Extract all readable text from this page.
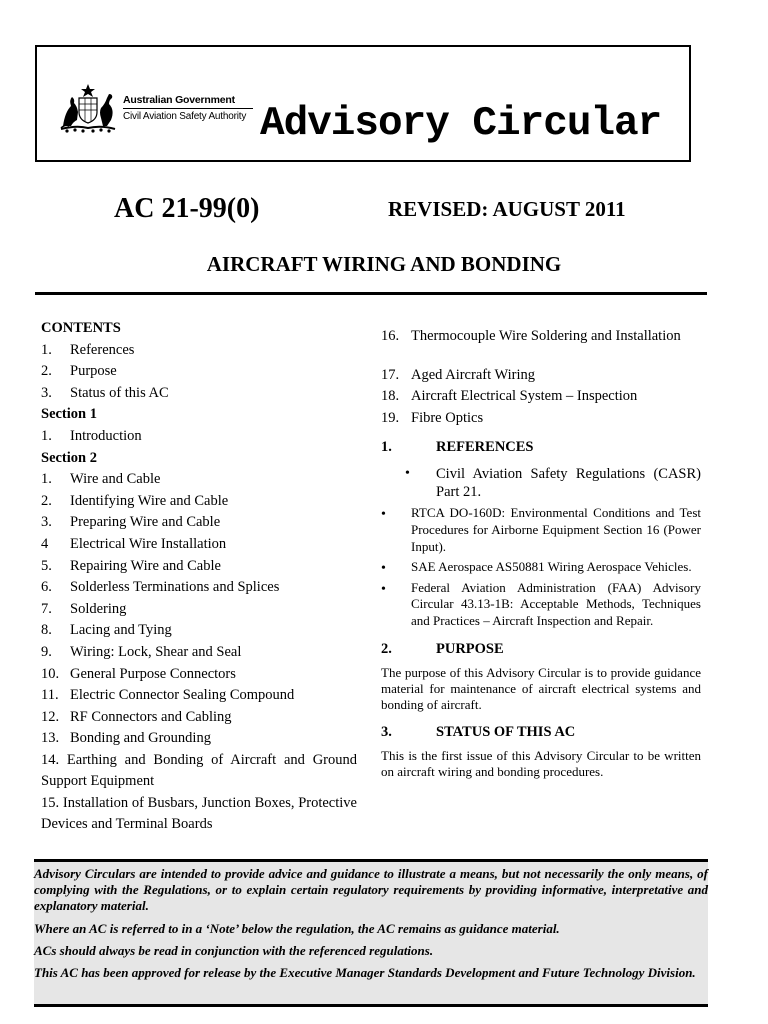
Australian Government
Civil Aviation Safety Authority Advisory Circular
AC 21-99(0)	REVISED: AUGUST 2011
AIRCRAFT WIRING AND BONDING
CONTENTS
1. References
2. Purpose
3. Status of this AC
Section 1
1. Introduction
Section 2
1. Wire and Cable
2. Identifying Wire and Cable
3. Preparing Wire and Cable
4 Electrical Wire Installation
5. Repairing Wire and Cable
6. Solderless Terminations and Splices
7. Soldering
8. Lacing and Tying
9. Wiring: Lock, Shear and Seal
10. General Purpose Connectors
11. Electric Connector Sealing Compound
12. RF Connectors and Cabling
13. Bonding and Grounding
14. Earthing and Bonding of Aircraft and Ground Support Equipment
15. Installation of Busbars, Junction Boxes, Protective Devices and Terminal Boards
16. Thermocouple Wire Soldering and Installation
17. Aged Aircraft Wiring
18. Aircraft Electrical System – Inspection
19. Fibre Optics
1.	REFERENCES
• Civil Aviation Safety Regulations (CASR) Part 21.
• RTCA DO-160D: Environmental Conditions and Test Procedures for Airborne Equipment Section 16 (Power Input).
• SAE Aerospace AS50881 Wiring Aerospace Vehicles.
• Federal Aviation Administration (FAA) Advisory Circular 43.13-1B: Acceptable Methods, Techniques and Practices – Aircraft Inspection and Repair.
2.	PURPOSE
The purpose of this Advisory Circular is to provide guidance material for maintenance of aircraft electrical systems and bonding of aircraft.
3.	STATUS OF THIS AC
This is the first issue of this Advisory Circular to be written on aircraft wiring and bonding procedures.

Advisory Circulars are intended to provide advice and guidance to illustrate a means, but not necessarily the only means, of complying with the Regulations, or to explain certain regulatory requirements by providing informative, interpretative and explanatory material.

Where an AC is referred to in a ‘Note’ below the regulation, the AC remains as guidance material.

ACs should always be read in conjunction with the referenced regulations.

This AC has been approved for release by the Executive Manager Standards Development and Future Technology Division.
